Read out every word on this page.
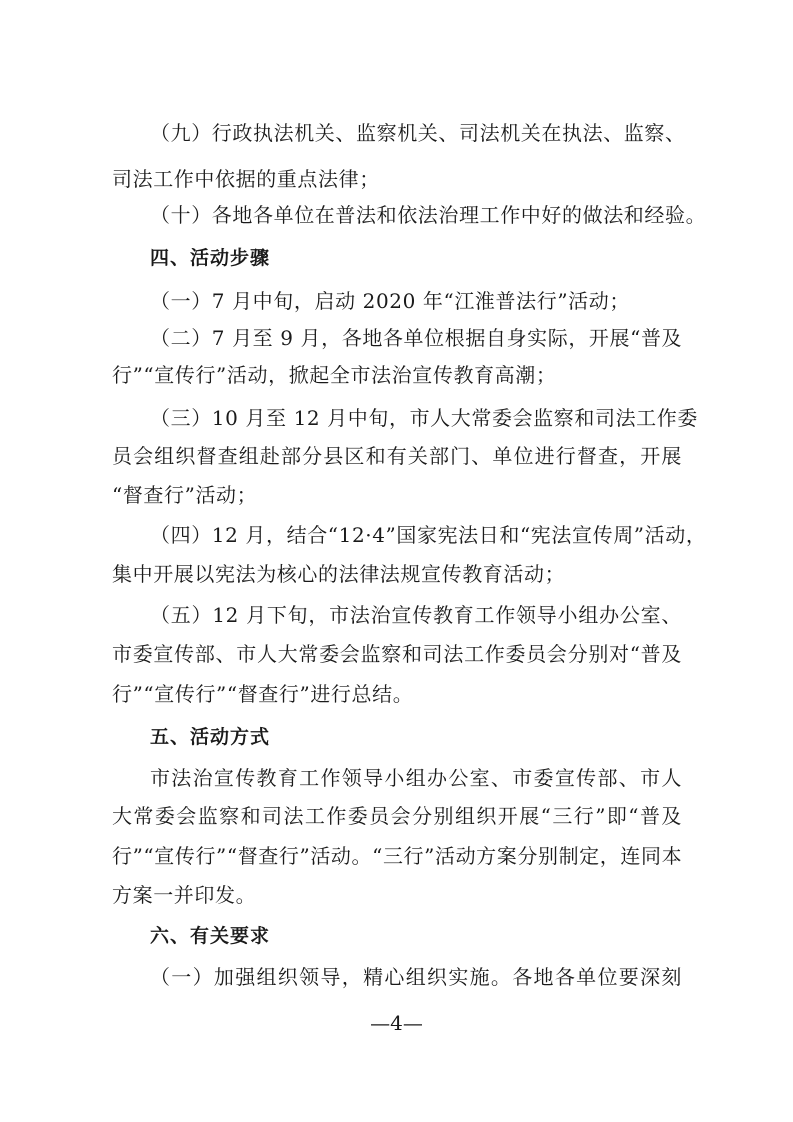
（九）行政执法机关、监察机关、司法机关在执法、监察、
司法工作中依据的重点法律；
（十）各地各单位在普法和依法治理工作中好的做法和经验。
四、活动步骤
（一）7 月中旬，启动 2020 年“江淮普法行”活动；
（二）7 月至 9 月，各地各单位根据自身实际，开展“普及
行”“宣传行”活动，掀起全市法治宣传教育高潮；
（三）10 月至 12 月中旬，市人大常委会监察和司法工作委
员会组织督查组赴部分县区和有关部门、单位进行督查，开展
“督查行”活动；
（四）12 月，结合“12·4”国家宪法日和“宪法宣传周”活动，
集中开展以宪法为核心的法律法规宣传教育活动；
（五）12 月下旬，市法治宣传教育工作领导小组办公室、
市委宣传部、市人大常委会监察和司法工作委员会分别对“普及
行”“宣传行”“督查行”进行总结。
五、活动方式
市法治宣传教育工作领导小组办公室、市委宣传部、市人
大常委会监察和司法工作委员会分别组织开展“三行”即“普及
行”“宣传行”“督查行”活动。“三行”活动方案分别制定，连同本
方案一并印发。
六、有关要求
（一）加强组织领导，精心组织实施。各地各单位要深刻
—4—
